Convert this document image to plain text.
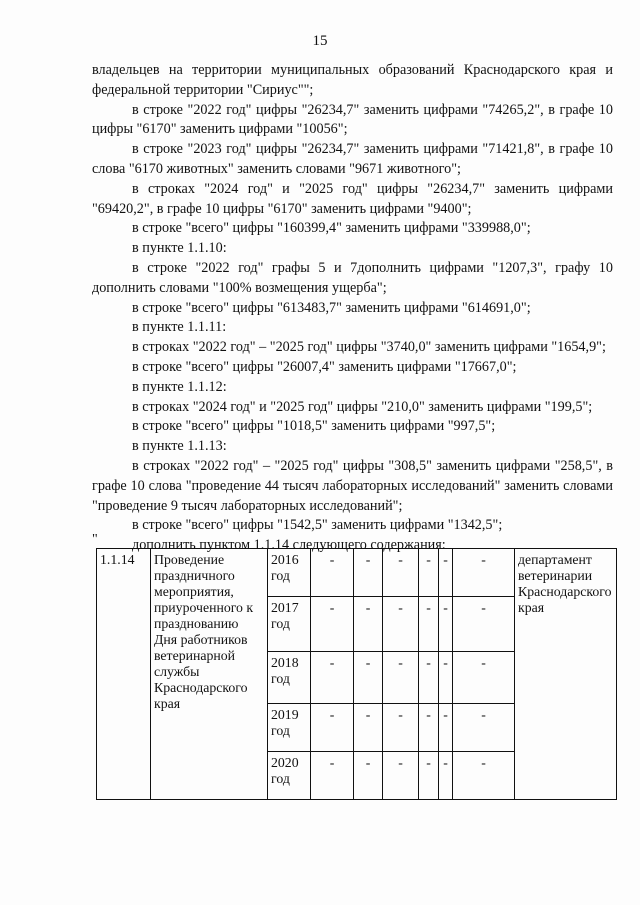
15

владельцев на территории муниципальных образований Краснодарского края и федеральной территории "Сириус"";

в строке "2022 год" цифры "26234,7" заменить цифрами "74265,2", в графе 10 цифры "6170" заменить цифрами "10056";

в строке "2023 год" цифры "26234,7" заменить цифрами "71421,8", в графе 10 слова "6170 животных" заменить словами "9671 животного";

в строках "2024 год" и "2025 год" цифры "26234,7" заменить цифрами "69420,2", в графе 10 цифры "6170" заменить цифрами "9400";

в строке "всего" цифры "160399,4" заменить цифрами "339988,0";

в пункте 1.1.10:

в строке "2022 год" графы 5 и 7дополнить цифрами "1207,3", графу 10 дополнить словами "100% возмещения ущерба";

в строке "всего" цифры "613483,7" заменить цифрами "614691,0";

в пункте 1.1.11:

в строках "2022 год" – "2025 год" цифры "3740,0" заменить цифрами "1654,9";

в строке "всего" цифры "26007,4" заменить цифрами "17667,0";

в пункте 1.1.12:

в строках "2024 год" и "2025 год" цифры "210,0" заменить цифрами "199,5";

в строке "всего" цифры "1018,5" заменить цифрами "997,5";

в пункте 1.1.13:

в строках "2022 год" – "2025 год" цифры "308,5" заменить цифрами "258,5", в графе 10 слова "проведение 44 тысяч лабораторных исследований" заменить словами "проведение 9 тысяч лабораторных исследований";

в строке "всего" цифры "1542,5" заменить цифрами "1342,5";

дополнить пунктом 1.1.14 следующего содержания:

"
1.1.14	Проведение праздничного мероприятия, приуроченного к празднованию Дня работников ветеринарной службы Краснодарского края	2016 год	-	-	-	-	-	-	департамент ветеринарии Краснодарского края
		2017 год	-	-	-	-	-	-	
		2018 год	-	-	-	-	-	-	
		2019 год	-	-	-	-	-	-	
		2020 год	-	-	-	-	-	-	
